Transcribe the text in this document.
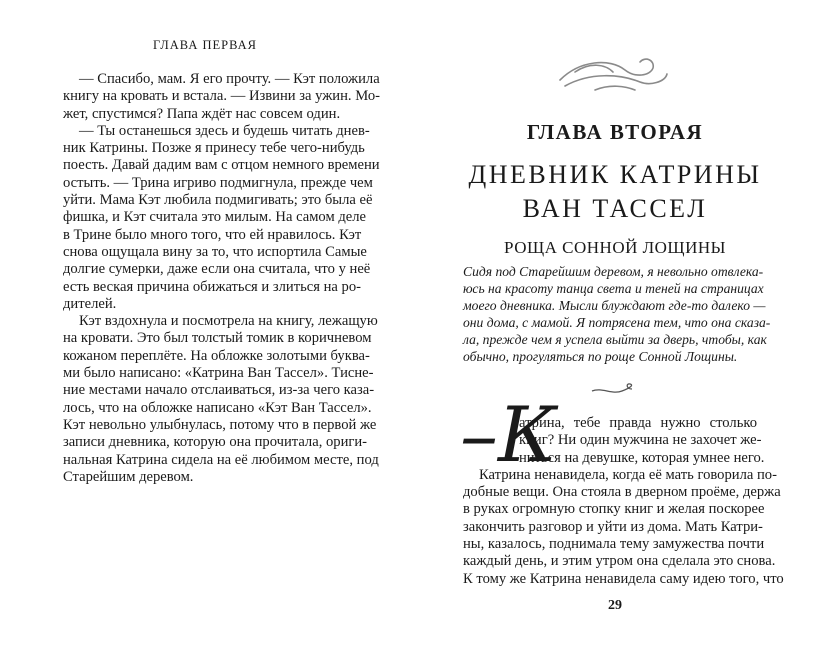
ГЛАВА ПЕРВАЯ
— Спасибо, мам. Я его прочту. — Кэт положила
книгу на кровать и встала. — Извини за ужин. Мо-
жет, спустимся? Папа ждёт нас совсем один.
— Ты останешься здесь и будешь читать днев-
ник Катрины. Позже я принесу тебе чего-нибудь
поесть. Давай дадим вам с отцом немного времени
остыть. — Трина игриво подмигнула, прежде чем
уйти. Мама Кэт любила подмигивать; это была её
фишка, и Кэт считала это милым. На самом деле
в Трине было много того, что ей нравилось. Кэт
снова ощущала вину за то, что испортила Самые
долгие сумерки, даже если она считала, что у неё
есть веская причина обижаться и злиться на ро-
дителей.
Кэт вздохнула и посмотрела на книгу, лежащую
на кровати. Это был толстый томик в коричневом
кожаном переплёте. На обложке золотыми буква-
ми было написано: «Катрина Ван Тассел». Тисне-
ние местами начало отслаиваться, из-за чего каза-
лось, что на обложке написано «Кэт Ван Тассел».
Кэт невольно улыбнулась, потому что в первой же
записи дневника, которую она прочитала, ориги-
нальная Катрина сидела на её любимом месте, под
Старейшим деревом.
ГЛАВА ВТОРАЯ
ДНЕВНИК КАТРИНЫ
ВАН ТАССЕЛ
РОЩА СОННОЙ ЛОЩИНЫ
Сидя под Старейшим деревом, я невольно отвлека-
юсь на красоту танца света и теней на страницах
моего дневника. Мысли блуждают где-то далеко —
они дома, с мамой. Я потрясена тем, что она сказа-
ла, прежде чем я успела выйти за дверь, чтобы, как
обычно, прогуляться по роще Сонной Лощины.
–К
атрина, тебе правда нужно столько
книг? Ни один мужчина не захочет же-
ниться на девушке, которая умнее него.
Катрина ненавидела, когда её мать говорила по-
добные вещи. Она стояла в дверном проёме, держа
в руках огромную стопку книг и желая поскорее
закончить разговор и уйти из дома. Мать Катри-
ны, казалось, поднимала тему замужества почти
каждый день, и этим утром она сделала это снова.
К тому же Катрина ненавидела саму идею того, что
29
